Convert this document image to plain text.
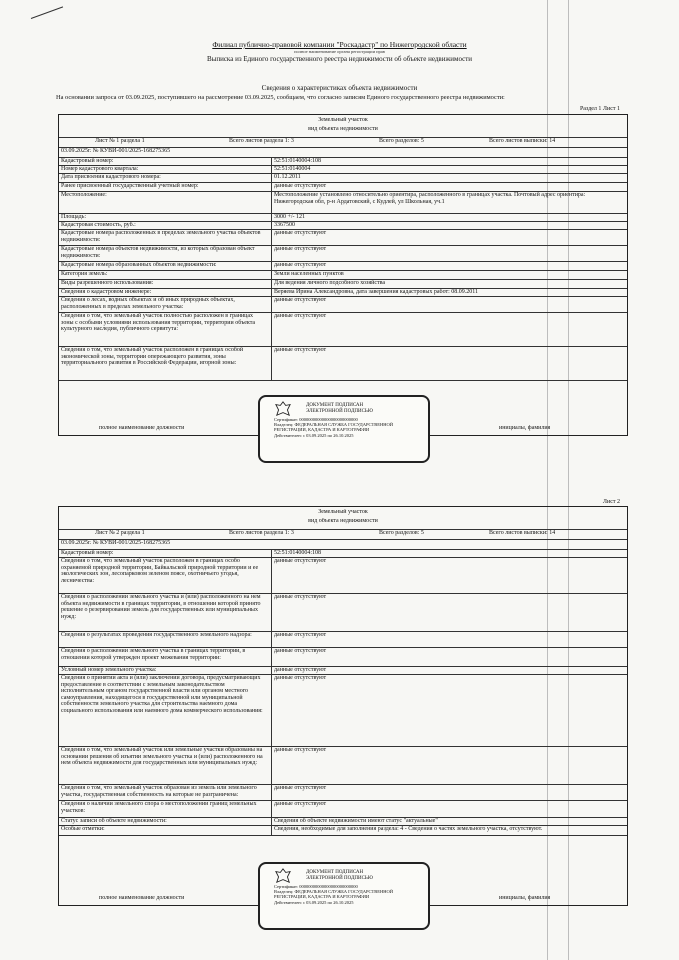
Филиал публично-правовой компании "Роскадастр" по Нижегородской области
полное наименование органа регистрации прав
Выписка из Единого государственного реестра недвижимости об объекте недвижимости
Сведения о характеристиках объекта недвижимости
На основании запроса от 03.09.2025, поступившего на рассмотрение 03.09.2025, сообщаем, что согласно записям Единого государственного реестра недвижимости:
Раздел 1 Лист 1
Земельный участок
вид объекта недвижимости
Лист № 1 раздела 1	Всего листов раздела 1: 3	Всего разделов: 5	Всего листов выписки: 14
03.09.2025г. № КУВИ-001/2025-168275365
Кадастровый номер:	52:51:0140004:108
Номер кадастрового квартала:	52:51:0140004
Дата присвоения кадастрового номера:	01.12.2011
Ранее присвоенный государственный учетный номер:	данные отсутствуют
Местоположение:	Местоположение установлено относительно ориентира, расположенного в границах участка. Почтовый адрес ориентира: Нижегородская обл, р-н Ардатовский, с Кудлей, ул Школьная, уч.1
Площадь:	3000 +/- 121
Кадастровая стоимость, руб.:	3367500
Кадастровые номера расположенных в пределах земельного участка объектов недвижимости:
данные отсутствуют
Кадастровые номера объектов недвижимости, из которых образован объект недвижимости:
данные отсутствуют
Кадастровые номера образованных объектов недвижимости:	данные отсутствуют
Категория земель:	Земли населенных пунктов
Виды разрешенного использования:	Для ведения личного подсобного хозяйства
Сведения о кадастровом инженере:	Веряева Ирина Александровна, дата завершения кадастровых работ: 08.09.2011
Сведения о лесах, водных объектах и об иных природных объектах, расположенных в пределах земельного участка:
данные отсутствуют
Сведения о том, что земельный участок полностью расположен в границах зоны с особыми условиями использования территории, территории объекта культурного наследия, публичного сервитута:
данные отсутствуют
Сведения о том, что земельный участок расположен в границах особой экономической зоны, территории опережающего развития, зоны территориального развития в Российской Федерации, игорной зоны:
данные отсутствуют
полное наименование должности	инициалы, фамилия
ДОКУМЕНТ ПОДПИСАН
ЭЛЕКТРОННОЙ ПОДПИСЬЮ
Сертификат: 00000000000000000000000000
Владелец: ФЕДЕРАЛЬНАЯ СЛУЖБА ГОСУДАРСТВЕННОЙ
РЕГИСТРАЦИИ, КАДАСТРА И КАРТОГРАФИИ
Действителен: с 03.09.2025 по 26.10.2025
Лист 2
Земельный участок
вид объекта недвижимости
Лист № 2 раздела 1	Всего листов раздела 1: 3	Всего разделов: 5	Всего листов выписки: 14
03.09.2025г. № КУВИ-001/2025-168275365
Кадастровый номер:	52:51:0140004:108
Сведения о том, что земельный участок расположен в границах особо охраняемой природной территории, Байкальской природной территории и ее экологических зон, лесопарковом зеленом поясе, охотничьего угодья, лесничества:
данные отсутствуют
Сведения о расположении земельного участка и (или) расположенного на нем объекта недвижимости в границах территории, в отношении которой принято решение о резервировании земель для государственных или муниципальных нужд:
данные отсутствуют
Сведения о результатах проведения государственного земельного надзора:	данные отсутствуют
Сведения о расположении земельного участка в границах территории, в отношении которой утвержден проект межевания территории:
данные отсутствуют
Условный номер земельного участка:	данные отсутствуют
Сведения о принятии акта и (или) заключении договора, предусматривающих предоставление в соответствии с земельным законодательством исполнительным органом государственной власти или органом местного самоуправления, находящегося в государственной или муниципальной собственности земельного участка для строительства наемного дома социального использования или наемного дома коммерческого использования:
данные отсутствуют
Сведения о том, что земельный участок или земельные участки образованы на основании решения об изъятии земельного участка и (или) расположенного на нем объекта недвижимости для государственных или муниципальных нужд:
данные отсутствуют
Сведения о том, что земельный участок образован из земель или земельного участка, государственная собственность на которые не разграничена:
данные отсутствуют
Сведения о наличии земельного спора о местоположении границ земельных участков:
данные отсутствуют
Статус записи об объекте недвижимости:	Сведения об объекте недвижимости имеют статус "актуальные"
Особые отметки:	Сведения, необходимые для заполнения раздела: 4 - Сведения о частях земельного участка, отсутствуют.
полное наименование должности	инициалы, фамилия
ДОКУМЕНТ ПОДПИСАН
ЭЛЕКТРОННОЙ ПОДПИСЬЮ
Сертификат: 00000000000000000000000000
Владелец: ФЕДЕРАЛЬНАЯ СЛУЖБА ГОСУДАРСТВЕННОЙ
РЕГИСТРАЦИИ, КАДАСТРА И КАРТОГРАФИИ
Действителен: с 03.09.2025 по 26.10.2025
